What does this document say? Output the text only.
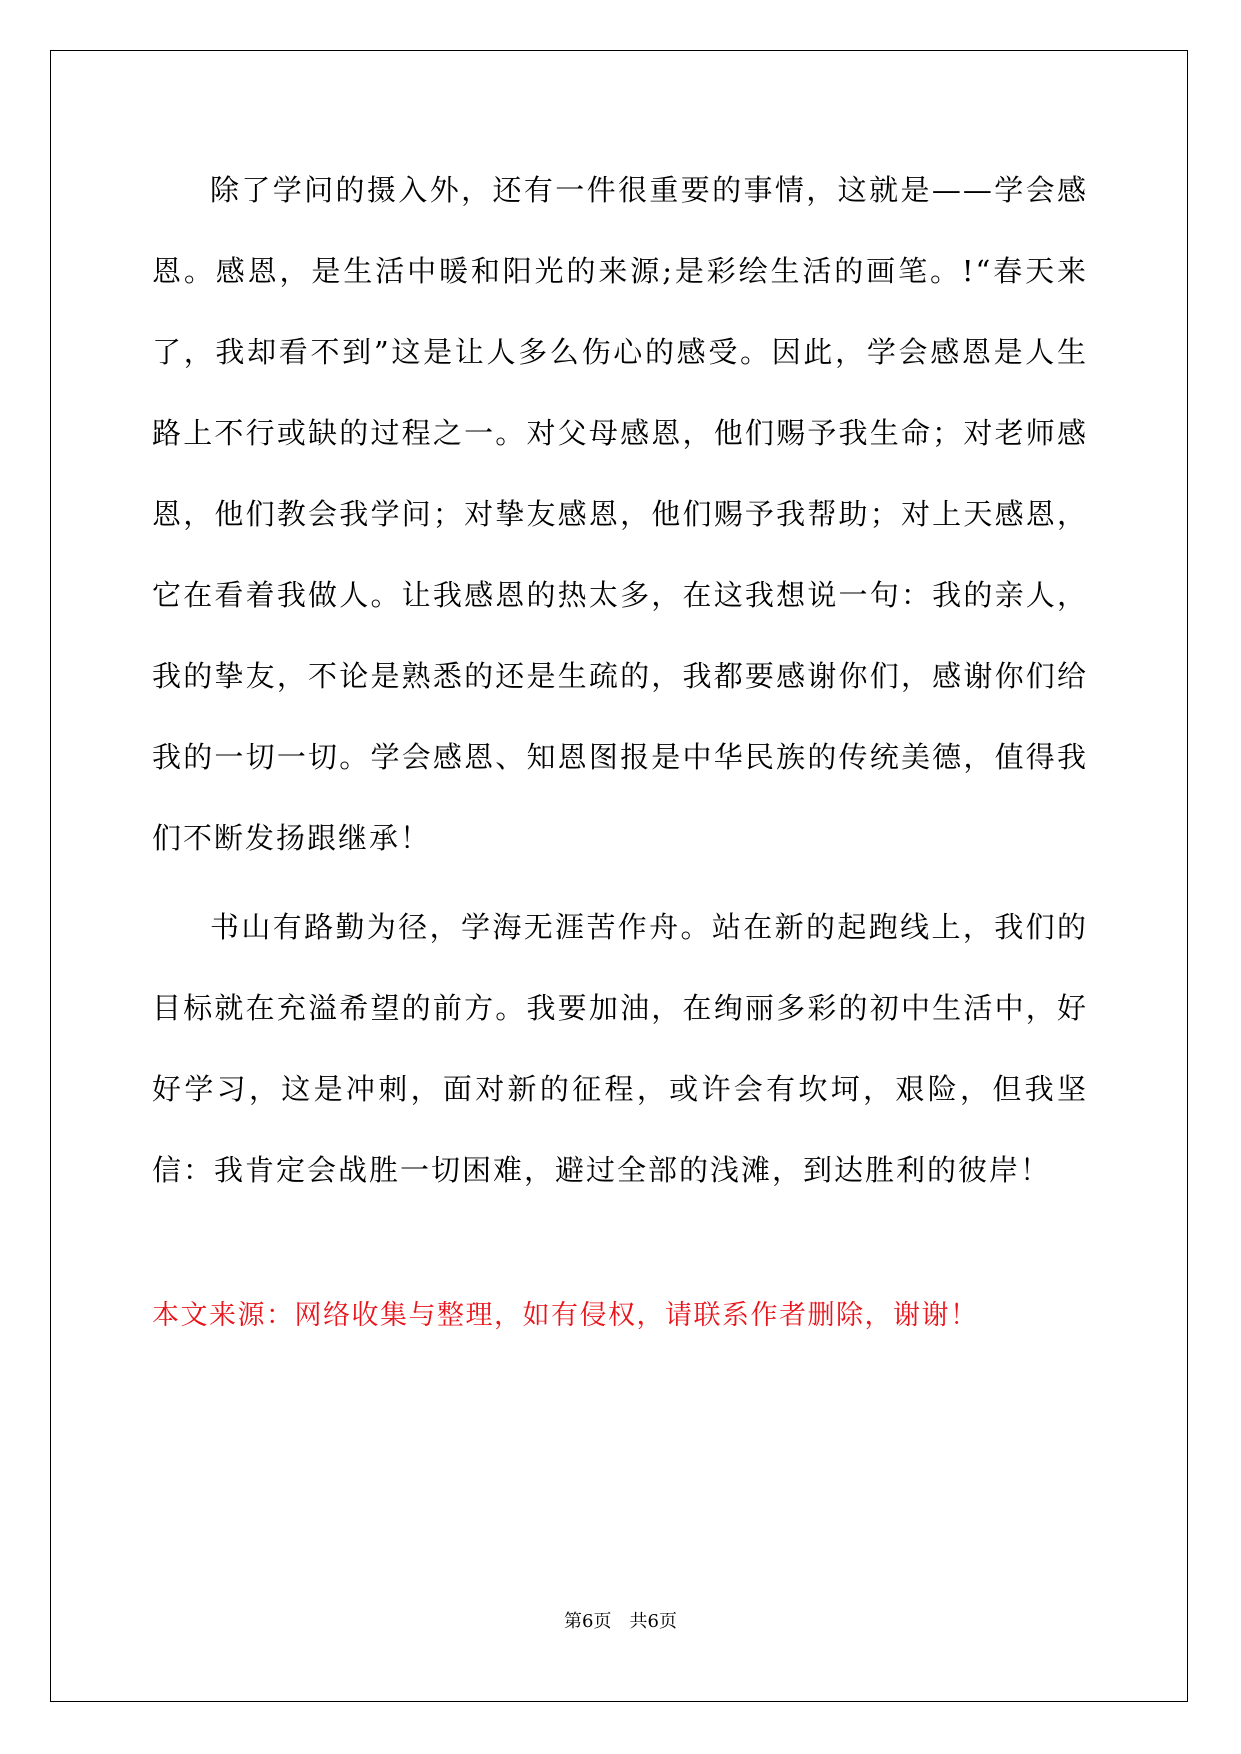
除了学问的摄入外，还有一件很重要的事情，这就是——学会感恩。感恩，是生活中暖和阳光的来源;是彩绘生活的画笔。!“春天来了，我却看不到”这是让人多么伤心的感受。因此，学会感恩是人生路上不行或缺的过程之一。对父母感恩，他们赐予我生命；对老师感恩，他们教会我学问；对挚友感恩，他们赐予我帮助；对上天感恩，它在看着我做人。让我感恩的热太多，在这我想说一句：我的亲人，我的挚友，不论是熟悉的还是生疏的，我都要感谢你们，感谢你们给我的一切一切。学会感恩、知恩图报是中华民族的传统美德，值得我们不断发扬跟继承！

书山有路勤为径，学海无涯苦作舟。站在新的起跑线上，我们的目标就在充溢希望的前方。我要加油，在绚丽多彩的初中生活中，好好学习，这是冲刺，面对新的征程，或许会有坎坷，艰险，但我坚信：我肯定会战胜一切困难，避过全部的浅滩，到达胜利的彼岸！

本文来源：网络收集与整理，如有侵权，请联系作者删除，谢谢！

第6页　共6页
